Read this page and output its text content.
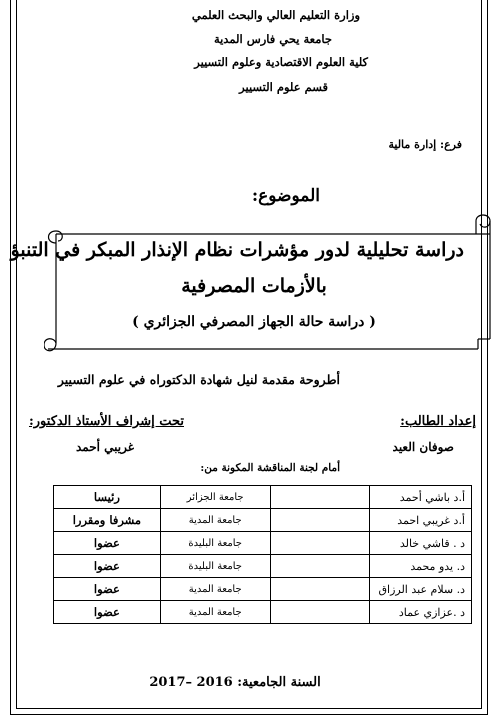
وزارة التعليم العالي والبحث العلمي
جامعة يحي فارس المدية
كلية العلوم الاقتصادية وعلوم التسيير
قسم علوم التسيير
فرع: إدارة مالية
الموضوع:
دراسة تحليلية لدور مؤشرات نظام الإنذار المبكر في التنبؤ
بالأزمات المصرفية
( دراسة حالة الجهاز المصرفي الجزائري )
أطروحة مقدمة لنيل شهادة الدكتوراه في علوم التسيير
إعداد الطالب:
صوفان العيد
تحت إشراف الأستاذ الدكتور:
غريبي أحمد
أمام لجنة المناقشة المكونة من:
أ.د باشي أحمد		جامعة الجزائر	رئيسا
أ.د غريبي احمد		جامعة المدية	مشرفا ومقررا
د . قاشي خالد		جامعة البليدة	عضوا
د. يدو محمد		جامعة البليدة	عضوا
د. سلام عبد الرزاق		جامعة المدية	عضوا
د .عزازي عماد		جامعة المدية	عضوا
السنة الجامعية: 2016 –2017
